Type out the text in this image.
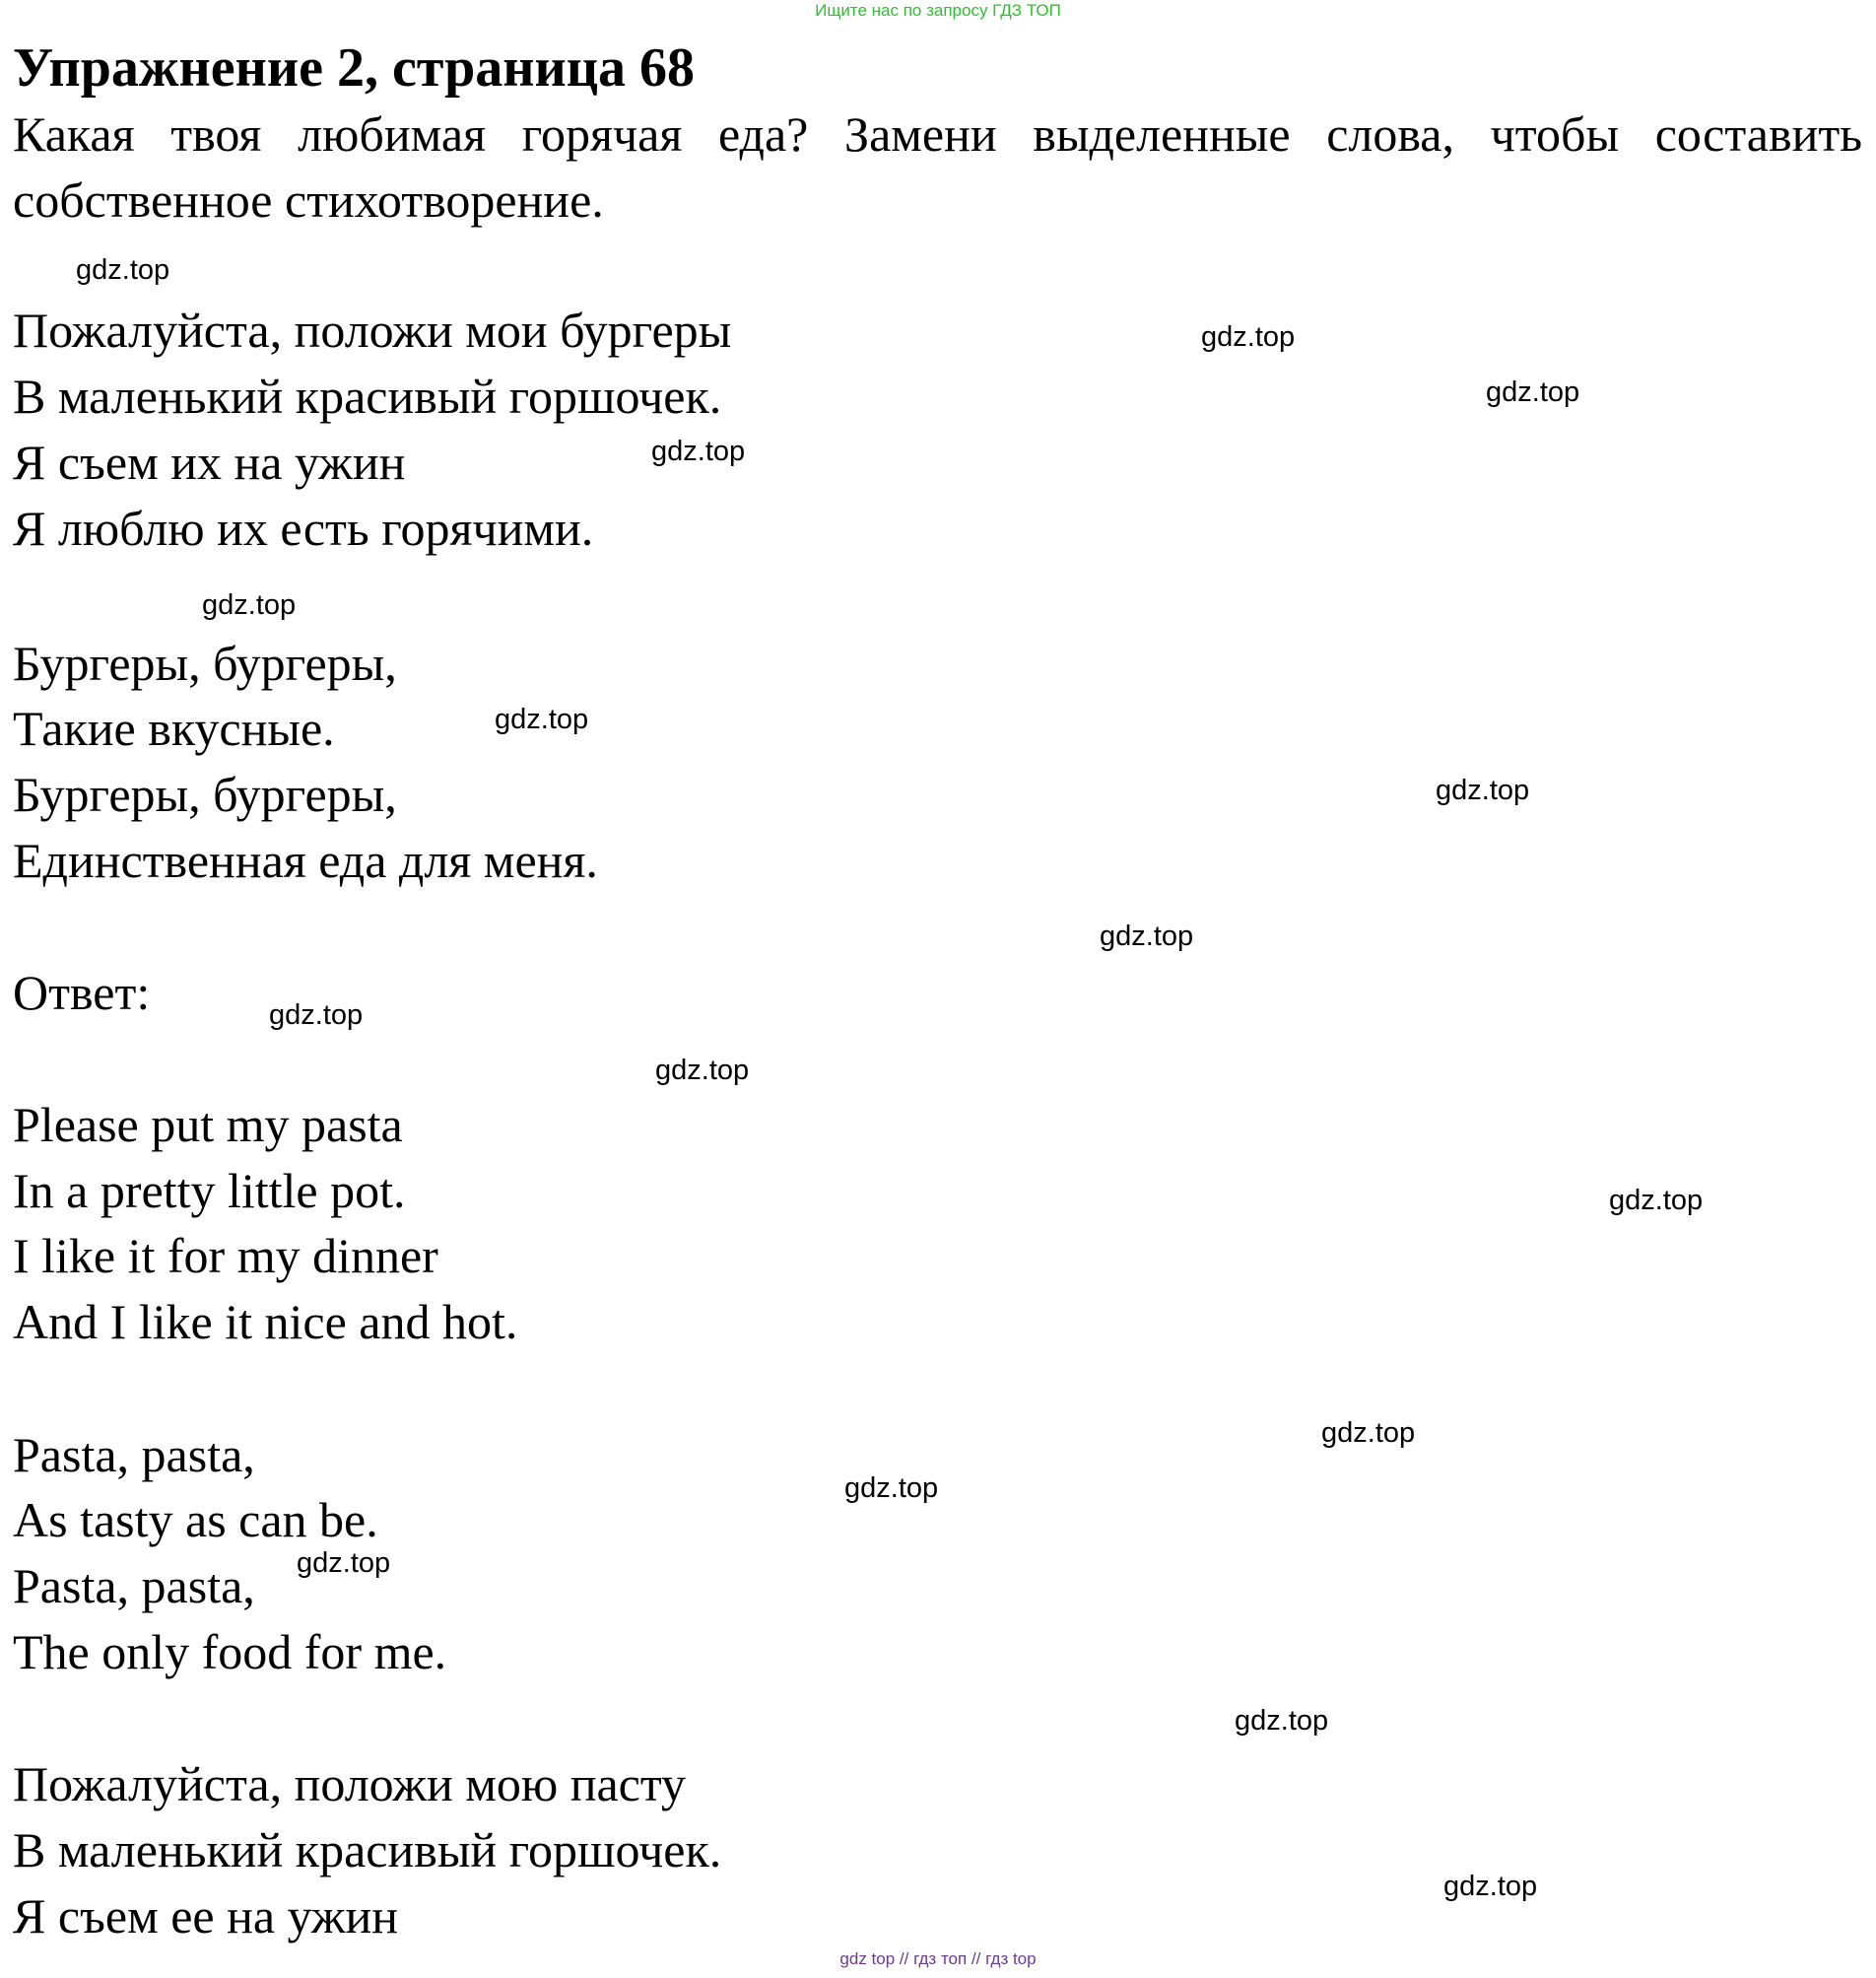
Ищите нас по запросу ГДЗ ТОП
Упражнение 2, страница 68
Какая твоя любимая горячая еда? Замени выделенные слова, чтобы составить собственное стихотворение.
Пожалуйста, положи мои бургеры
В маленький красивый горшочек.
Я съем их на ужин
Я люблю их есть горячими.
Бургеры, бургеры,
Такие вкусные.
Бургеры, бургеры,
Единственная еда для меня.
Ответ:
Please put my pasta
In a pretty little pot.
I like it for my dinner
And I like it nice and hot.
Pasta, pasta,
As tasty as can be.
Pasta, pasta,
The only food for me.
Пожалуйста, положи мою пасту
В маленький красивый горшочек.
Я съем ее на ужин
gdz.top
gdz.top
gdz.top
gdz.top
gdz.top
gdz.top
gdz.top
gdz.top
gdz.top
gdz.top
gdz.top
gdz.top
gdz.top
gdz.top
gdz.top
gdz.top
gdz top // гдз топ // гдз top
